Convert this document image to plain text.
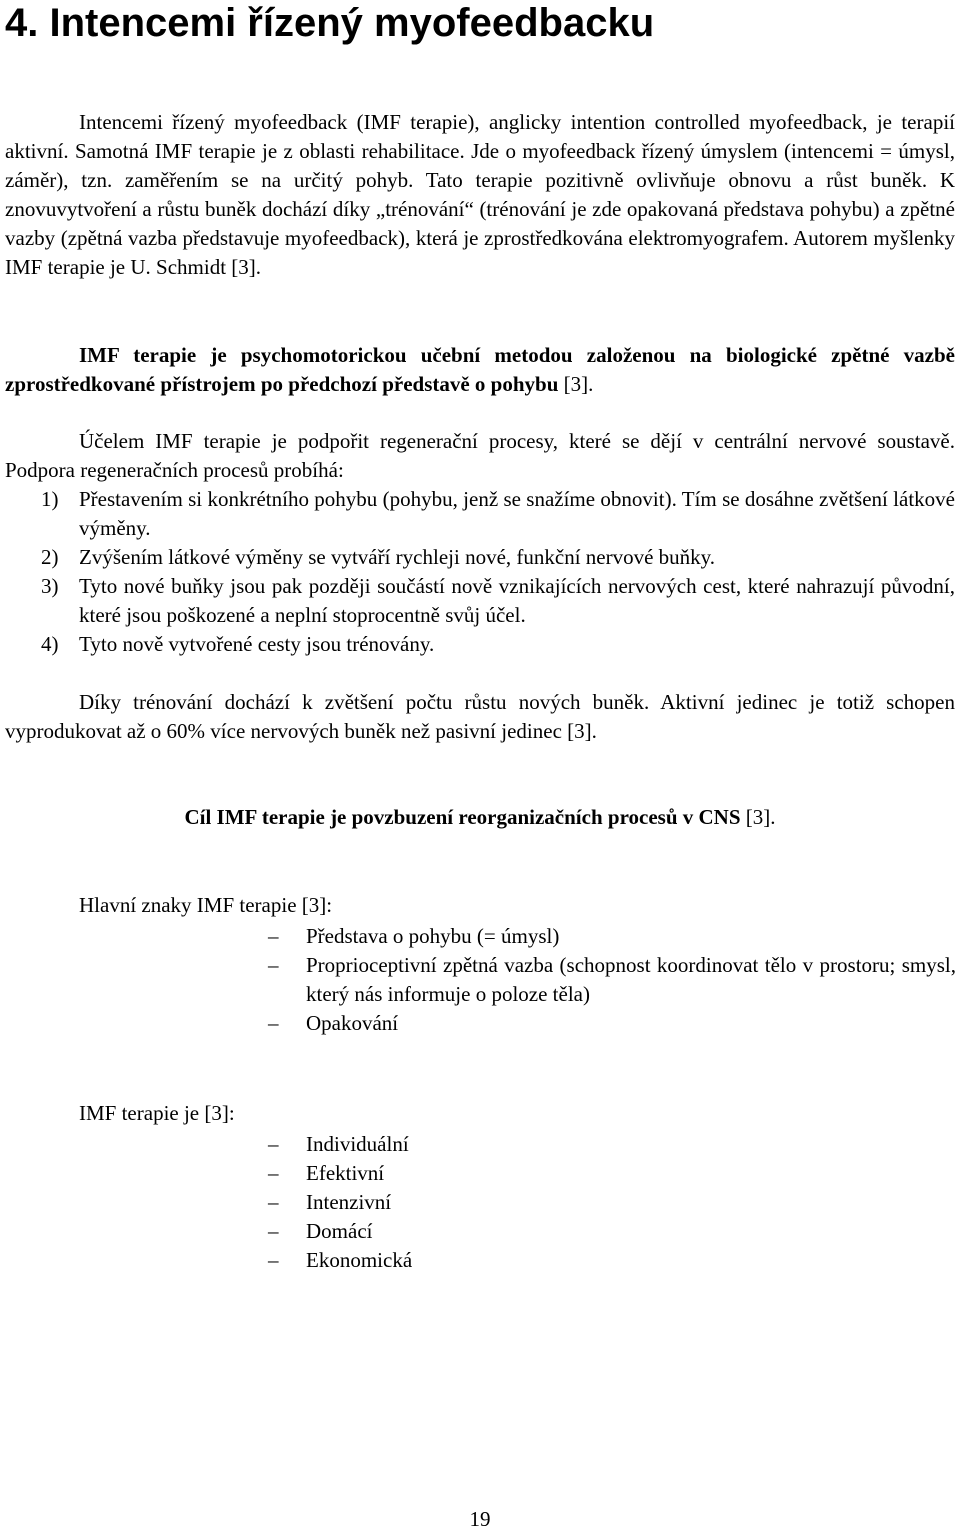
4. Intencemi řízený myofeedbacku

Intencemi řízený myofeedback (IMF terapie), anglicky intention controlled myofeedback, je terapií aktivní. Samotná IMF terapie je z oblasti rehabilitace. Jde o myofeedback řízený úmyslem (intencemi = úmysl, záměr), tzn. zaměřením se na určitý pohyb. Tato terapie pozitivně ovlivňuje obnovu a růst buněk. K znovuvytvoření a růstu buněk dochází díky „trénování“ (trénování je zde opakovaná představa pohybu) a zpětné vazby (zpětná vazba představuje myofeedback), která je zprostředkována elektromyografem. Autorem myšlenky IMF terapie je U. Schmidt [3].

IMF terapie je psychomotorickou učební metodou založenou na biologické zpětné vazbě zprostředkované přístrojem po předchozí představě o pohybu [3].

Účelem IMF terapie je podpořit regenerační procesy, které se dějí v centrální nervové soustavě. Podpora regeneračních procesů probíhá:

1) Přestavením si konkrétního pohybu (pohybu, jenž se snažíme obnovit). Tím se dosáhne zvětšení látkové výměny.
2) Zvýšením látkové výměny se vytváří rychleji nové, funkční nervové buňky.
3) Tyto nové buňky jsou pak později součástí nově vznikajících nervových cest, které nahrazují původní, které jsou poškozené a neplní stoprocentně svůj účel.
4) Tyto nově vytvořené cesty jsou trénovány.

Díky trénování dochází k zvětšení počtu růstu nových buněk. Aktivní jedinec je totiž schopen vyprodukovat až o 60% více nervových buněk než pasivní jedinec [3].

Cíl IMF terapie je povzbuzení reorganizačních procesů v CNS [3].

Hlavní znaky IMF terapie [3]:

– Představa o pohybu (= úmysl)
– Proprioceptivní zpětná vazba (schopnost koordinovat tělo v prostoru; smysl, který nás informuje o poloze těla)
– Opakování

IMF terapie je [3]:

– Individuální
– Efektivní
– Intenzivní
– Domácí
– Ekonomická
19
